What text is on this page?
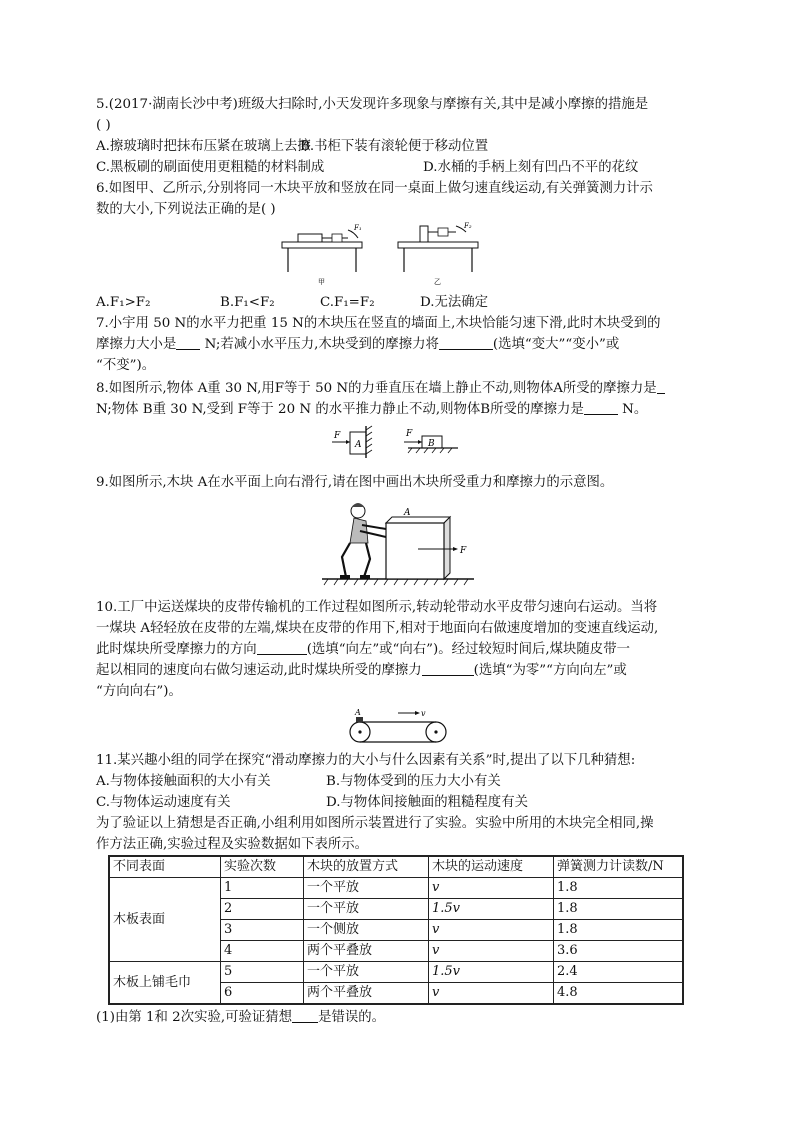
5.(2017·湖南长沙中考)班级大扫除时,小天发现许多现象与摩擦有关,其中是减小摩擦的措施是
( )
A.擦玻璃时把抹布压紧在玻璃上去擦
B.书柜下装有滚轮便于移动位置
C.黑板刷的刷面使用更粗糙的材料制成	D.水桶的手柄上刻有凹凸不平的花纹
6.如图甲、乙所示,分别将同一木块平放和竖放在同一桌面上做匀速直线运动,有关弹簧测力计示
数的大小,下列说法正确的是( )
F₁
甲
F₂
乙
A.F₁>F₂	B.F₁<F₂	C.F₁=F₂	D.无法确定
7.小宇用 50 N的水平力把重 15 N的木块压在竖直的墙面上,木块恰能匀速下滑,此时木块受到的
摩擦力大小是 N;若减小水平压力,木块受到的摩擦力将	(选填“变大”“变小”或
“不变”)。
8.如图所示,物体 A重 30 N,用F等于 50 N的力垂直压在墙上静止不动,则物体A所受的摩擦力是
N;物体 B重 30 N,受到 F等于 20 N 的水平推力静止不动,则物体B所受的摩擦力是	N。
F
A
F
B
9.如图所示,木块 A在水平面上向右滑行,请在图中画出木块所受重力和摩擦力的示意图。
A
F
10.工厂中运送煤块的皮带传输机的工作过程如图所示,转动轮带动水平皮带匀速向右运动。当将
一煤块 A轻轻放在皮带的左端,煤块在皮带的作用下,相对于地面向右做速度增加的变速直线运动,
此时煤块所受摩擦力的方向	(选填“向左”或“向右”)。经过较短时间后,煤块随皮带一
起以相同的速度向右做匀速运动,此时煤块所受的摩擦力	(选填“为零”“方向向左”或
“方向向右”)。
A	v
11.某兴趣小组的同学在探究“滑动摩擦力的大小与什么因素有关系”时,提出了以下几种猜想:
A.与物体接触面积的大小有关	B.与物体受到的压力大小有关
C.与物体运动速度有关	D.与物体间接触面的粗糙程度有关
为了验证以上猜想是否正确,小组利用如图所示装置进行了实验。实验中所用的木块完全相同,操
作方法正确,实验过程及实验数据如下表所示。
不同表面	实验次数	木块的放置方式	木块的运动速度	弹簧测力计读数/N
木板表面	1	一个平放	v	1.8
	2	一个平放	1.5v	1.8
	3	一个侧放	v	1.8
	4	两个平叠放	v	3.6
木板上铺毛巾	5	一个平放	1.5v	2.4
	6	两个平叠放	v	4.8
(1)由第 1和 2次实验,可验证猜想 是错误的。
